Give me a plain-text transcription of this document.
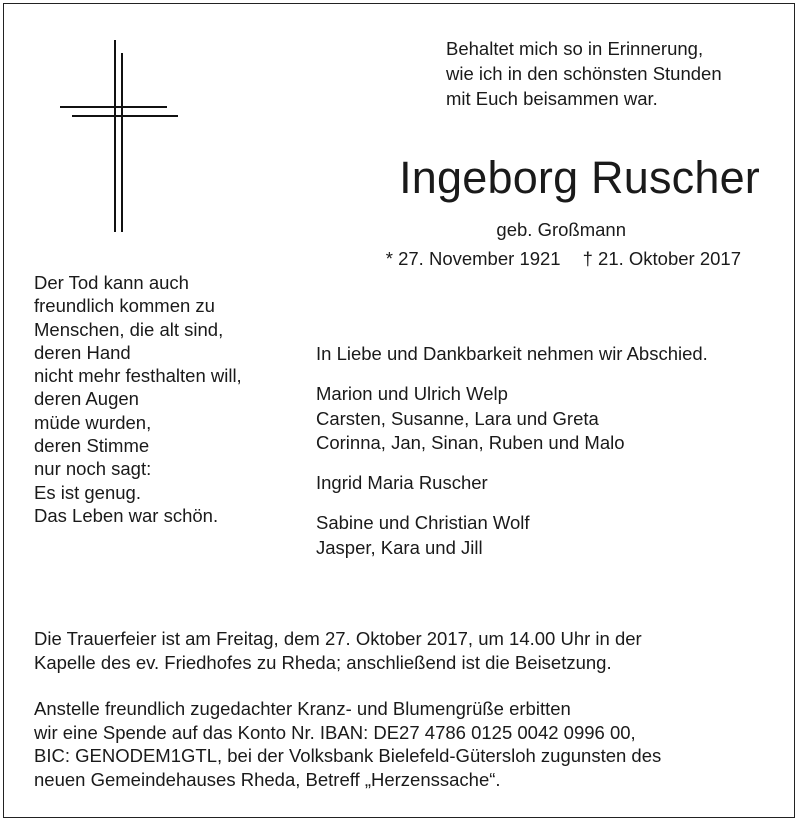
Behaltet mich so in Erinnerung,
wie ich in den schönsten Stunden
mit Euch beisammen war.
Ingeborg Ruscher
geb. Großmann
* 27. November 1921 † 21. Oktober 2017
Der Tod kann auch
freundlich kommen zu
Menschen, die alt sind,
deren Hand
nicht mehr festhalten will,
deren Augen
müde wurden,
deren Stimme
nur noch sagt:
Es ist genug.
Das Leben war schön.
In Liebe und Dankbarkeit nehmen wir Abschied.
Marion und Ulrich Welp
Carsten, Susanne, Lara und Greta
Corinna, Jan, Sinan, Ruben und Malo
Ingrid Maria Ruscher
Sabine und Christian Wolf
Jasper, Kara und Jill
Die Trauerfeier ist am Freitag, dem 27. Oktober 2017, um 14.00 Uhr in der
Kapelle des ev. Friedhofes zu Rheda; anschließend ist die Beisetzung.
Anstelle freundlich zugedachter Kranz- und Blumengrüße erbitten
wir eine Spende auf das Konto Nr. IBAN: DE27 4786 0125 0042 0996 00,
BIC: GENODEM1GTL, bei der Volksbank Bielefeld-Gütersloh zugunsten des
neuen Gemeindehauses Rheda, Betreff „Herzenssache“.
